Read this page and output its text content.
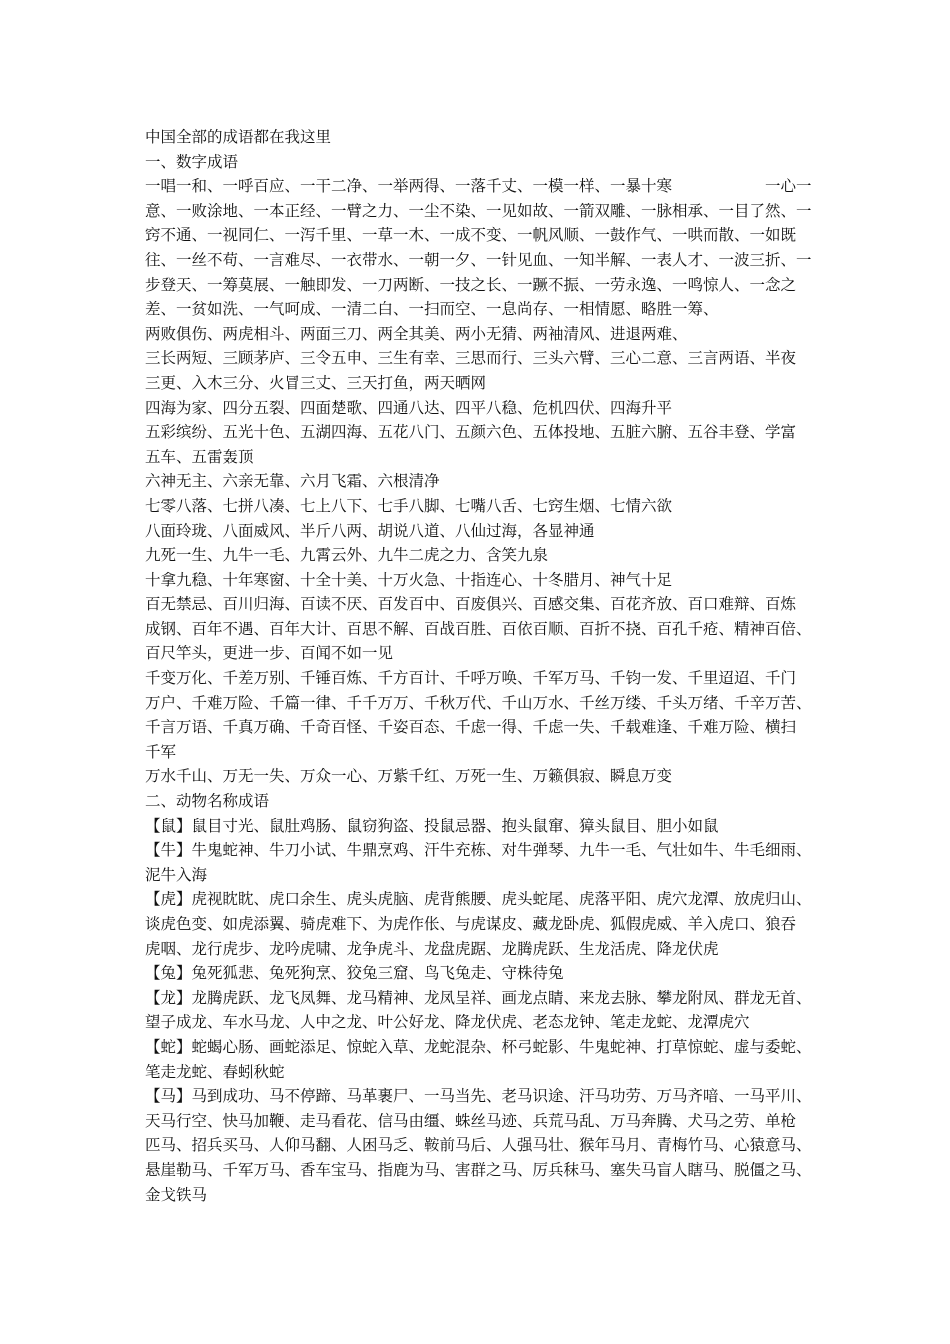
中国全部的成语都在我这里

一、数字成语

一唱一和、一呼百应、一干二净、一举两得、一落千丈、一模一样、一暴十寒　　　　　　一心一

意、一败涂地、一本正经、一臂之力、一尘不染、一见如故、一箭双雕、一脉相承、一目了然、一

窍不通、一视同仁、一泻千里、一草一木、一成不变、一帆风顺、一鼓作气、一哄而散、一如既

往、一丝不苟、一言难尽、一衣带水、一朝一夕、一针见血、一知半解、一表人才、一波三折、一

步登天、一筹莫展、一触即发、一刀两断、一技之长、一蹶不振、一劳永逸、一鸣惊人、一念之

差、一贫如洗、一气呵成、一清二白、一扫而空、一息尚存、一相情愿、略胜一筹、

两败俱伤、两虎相斗、两面三刀、两全其美、两小无猜、两袖清风、进退两难、

三长两短、三顾茅庐、三令五申、三生有幸、三思而行、三头六臂、三心二意、三言两语、半夜

三更、入木三分、火冒三丈、三天打鱼，两天晒网

四海为家、四分五裂、四面楚歌、四通八达、四平八稳、危机四伏、四海升平

五彩缤纷、五光十色、五湖四海、五花八门、五颜六色、五体投地、五脏六腑、五谷丰登、学富

五车、五雷轰顶

六神无主、六亲无靠、六月飞霜、六根清净

七零八落、七拼八凑、七上八下、七手八脚、七嘴八舌、七窍生烟、七情六欲

八面玲珑、八面威风、半斤八两、胡说八道、八仙过海，各显神通

九死一生、九牛一毛、九霄云外、九牛二虎之力、含笑九泉

十拿九稳、十年寒窗、十全十美、十万火急、十指连心、十冬腊月、神气十足

百无禁忌、百川归海、百读不厌、百发百中、百废俱兴、百感交集、百花齐放、百口难辩、百炼

成钢、百年不遇、百年大计、百思不解、百战百胜、百依百顺、百折不挠、百孔千疮、精神百倍、

百尺竿头，更进一步、百闻不如一见

千变万化、千差万别、千锤百炼、千方百计、千呼万唤、千军万马、千钧一发、千里迢迢、千门

万户、千难万险、千篇一律、千千万万、千秋万代、千山万水、千丝万缕、千头万绪、千辛万苦、

千言万语、千真万确、千奇百怪、千姿百态、千虑一得、千虑一失、千载难逢、千难万险、横扫

千军

万水千山、万无一失、万众一心、万紫千红、万死一生、万籁俱寂、瞬息万变

二、动物名称成语

【鼠】鼠目寸光、鼠肚鸡肠、鼠窃狗盗、投鼠忌器、抱头鼠窜、獐头鼠目、胆小如鼠

【牛】牛鬼蛇神、牛刀小试、牛鼎烹鸡、汗牛充栋、对牛弹琴、九牛一毛、气壮如牛、牛毛细雨、

泥牛入海

【虎】虎视眈眈、虎口余生、虎头虎脑、虎背熊腰、虎头蛇尾、虎落平阳、虎穴龙潭、放虎归山、

谈虎色变、如虎添翼、骑虎难下、为虎作伥、与虎谋皮、藏龙卧虎、狐假虎威、羊入虎口、狼吞

虎咽、龙行虎步、龙吟虎啸、龙争虎斗、龙盘虎踞、龙腾虎跃、生龙活虎、降龙伏虎

【兔】兔死狐悲、兔死狗烹、狡兔三窟、鸟飞兔走、守株待兔

【龙】龙腾虎跃、龙飞凤舞、龙马精神、龙凤呈祥、画龙点睛、来龙去脉、攀龙附凤、群龙无首、

望子成龙、车水马龙、人中之龙、叶公好龙、降龙伏虎、老态龙钟、笔走龙蛇、龙潭虎穴

【蛇】蛇蝎心肠、画蛇添足、惊蛇入草、龙蛇混杂、杯弓蛇影、牛鬼蛇神、打草惊蛇、虚与委蛇、

笔走龙蛇、春蚓秋蛇

【马】马到成功、马不停蹄、马革裹尸、一马当先、老马识途、汗马功劳、万马齐喑、一马平川、

天马行空、快马加鞭、走马看花、信马由缰、蛛丝马迹、兵荒马乱、万马奔腾、犬马之劳、单枪

匹马、招兵买马、人仰马翻、人困马乏、鞍前马后、人强马壮、猴年马月、青梅竹马、心猿意马、

悬崖勒马、千军万马、香车宝马、指鹿为马、害群之马、厉兵秣马、塞失马盲人瞎马、脱僵之马、

金戈铁马
